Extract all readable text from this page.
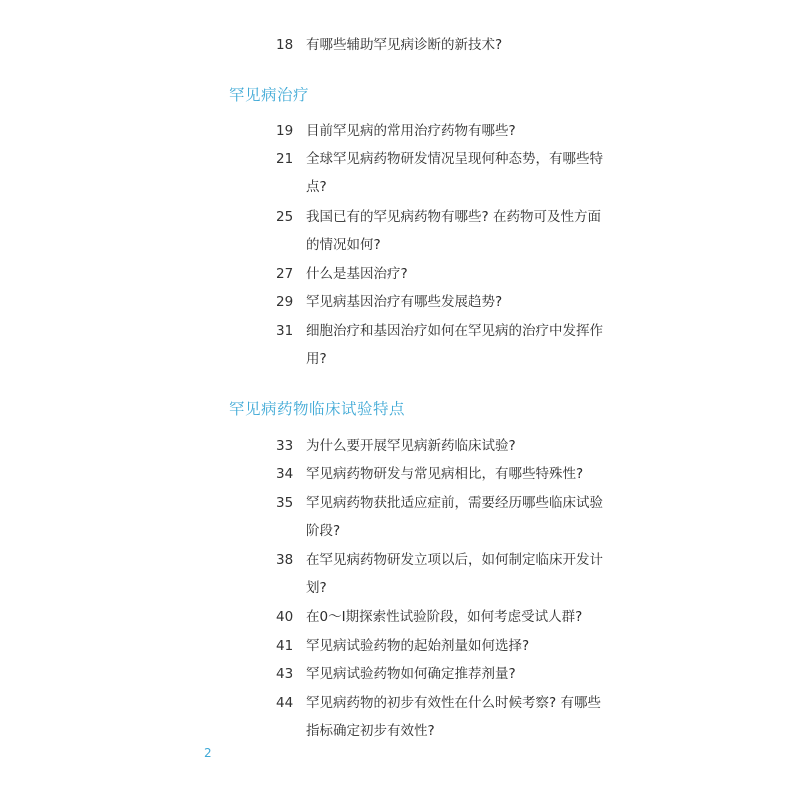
18 有哪些辅助罕见病诊断的新技术?
罕见病治疗
19 目前罕见病的常用治疗药物有哪些?
21 全球罕见病药物研发情况呈现何种态势，有哪些特点?
25 我国已有的罕见病药物有哪些? 在药物可及性方面的情况如何?
27 什么是基因治疗?
29 罕见病基因治疗有哪些发展趋势?
31 细胞治疗和基因治疗如何在罕见病的治疗中发挥作用?
罕见病药物临床试验特点
33 为什么要开展罕见病新药临床试验?
34 罕见病药物研发与常见病相比，有哪些特殊性?
35 罕见病药物获批适应症前，需要经历哪些临床试验阶段?
38 在罕见病药物研发立项以后，如何制定临床开发计划?
40 在0～Ⅰ期探索性试验阶段，如何考虑受试人群?
41 罕见病试验药物的起始剂量如何选择?
43 罕见病试验药物如何确定推荐剂量?
44 罕见病药物的初步有效性在什么时候考察? 有哪些指标确定初步有效性?
2
